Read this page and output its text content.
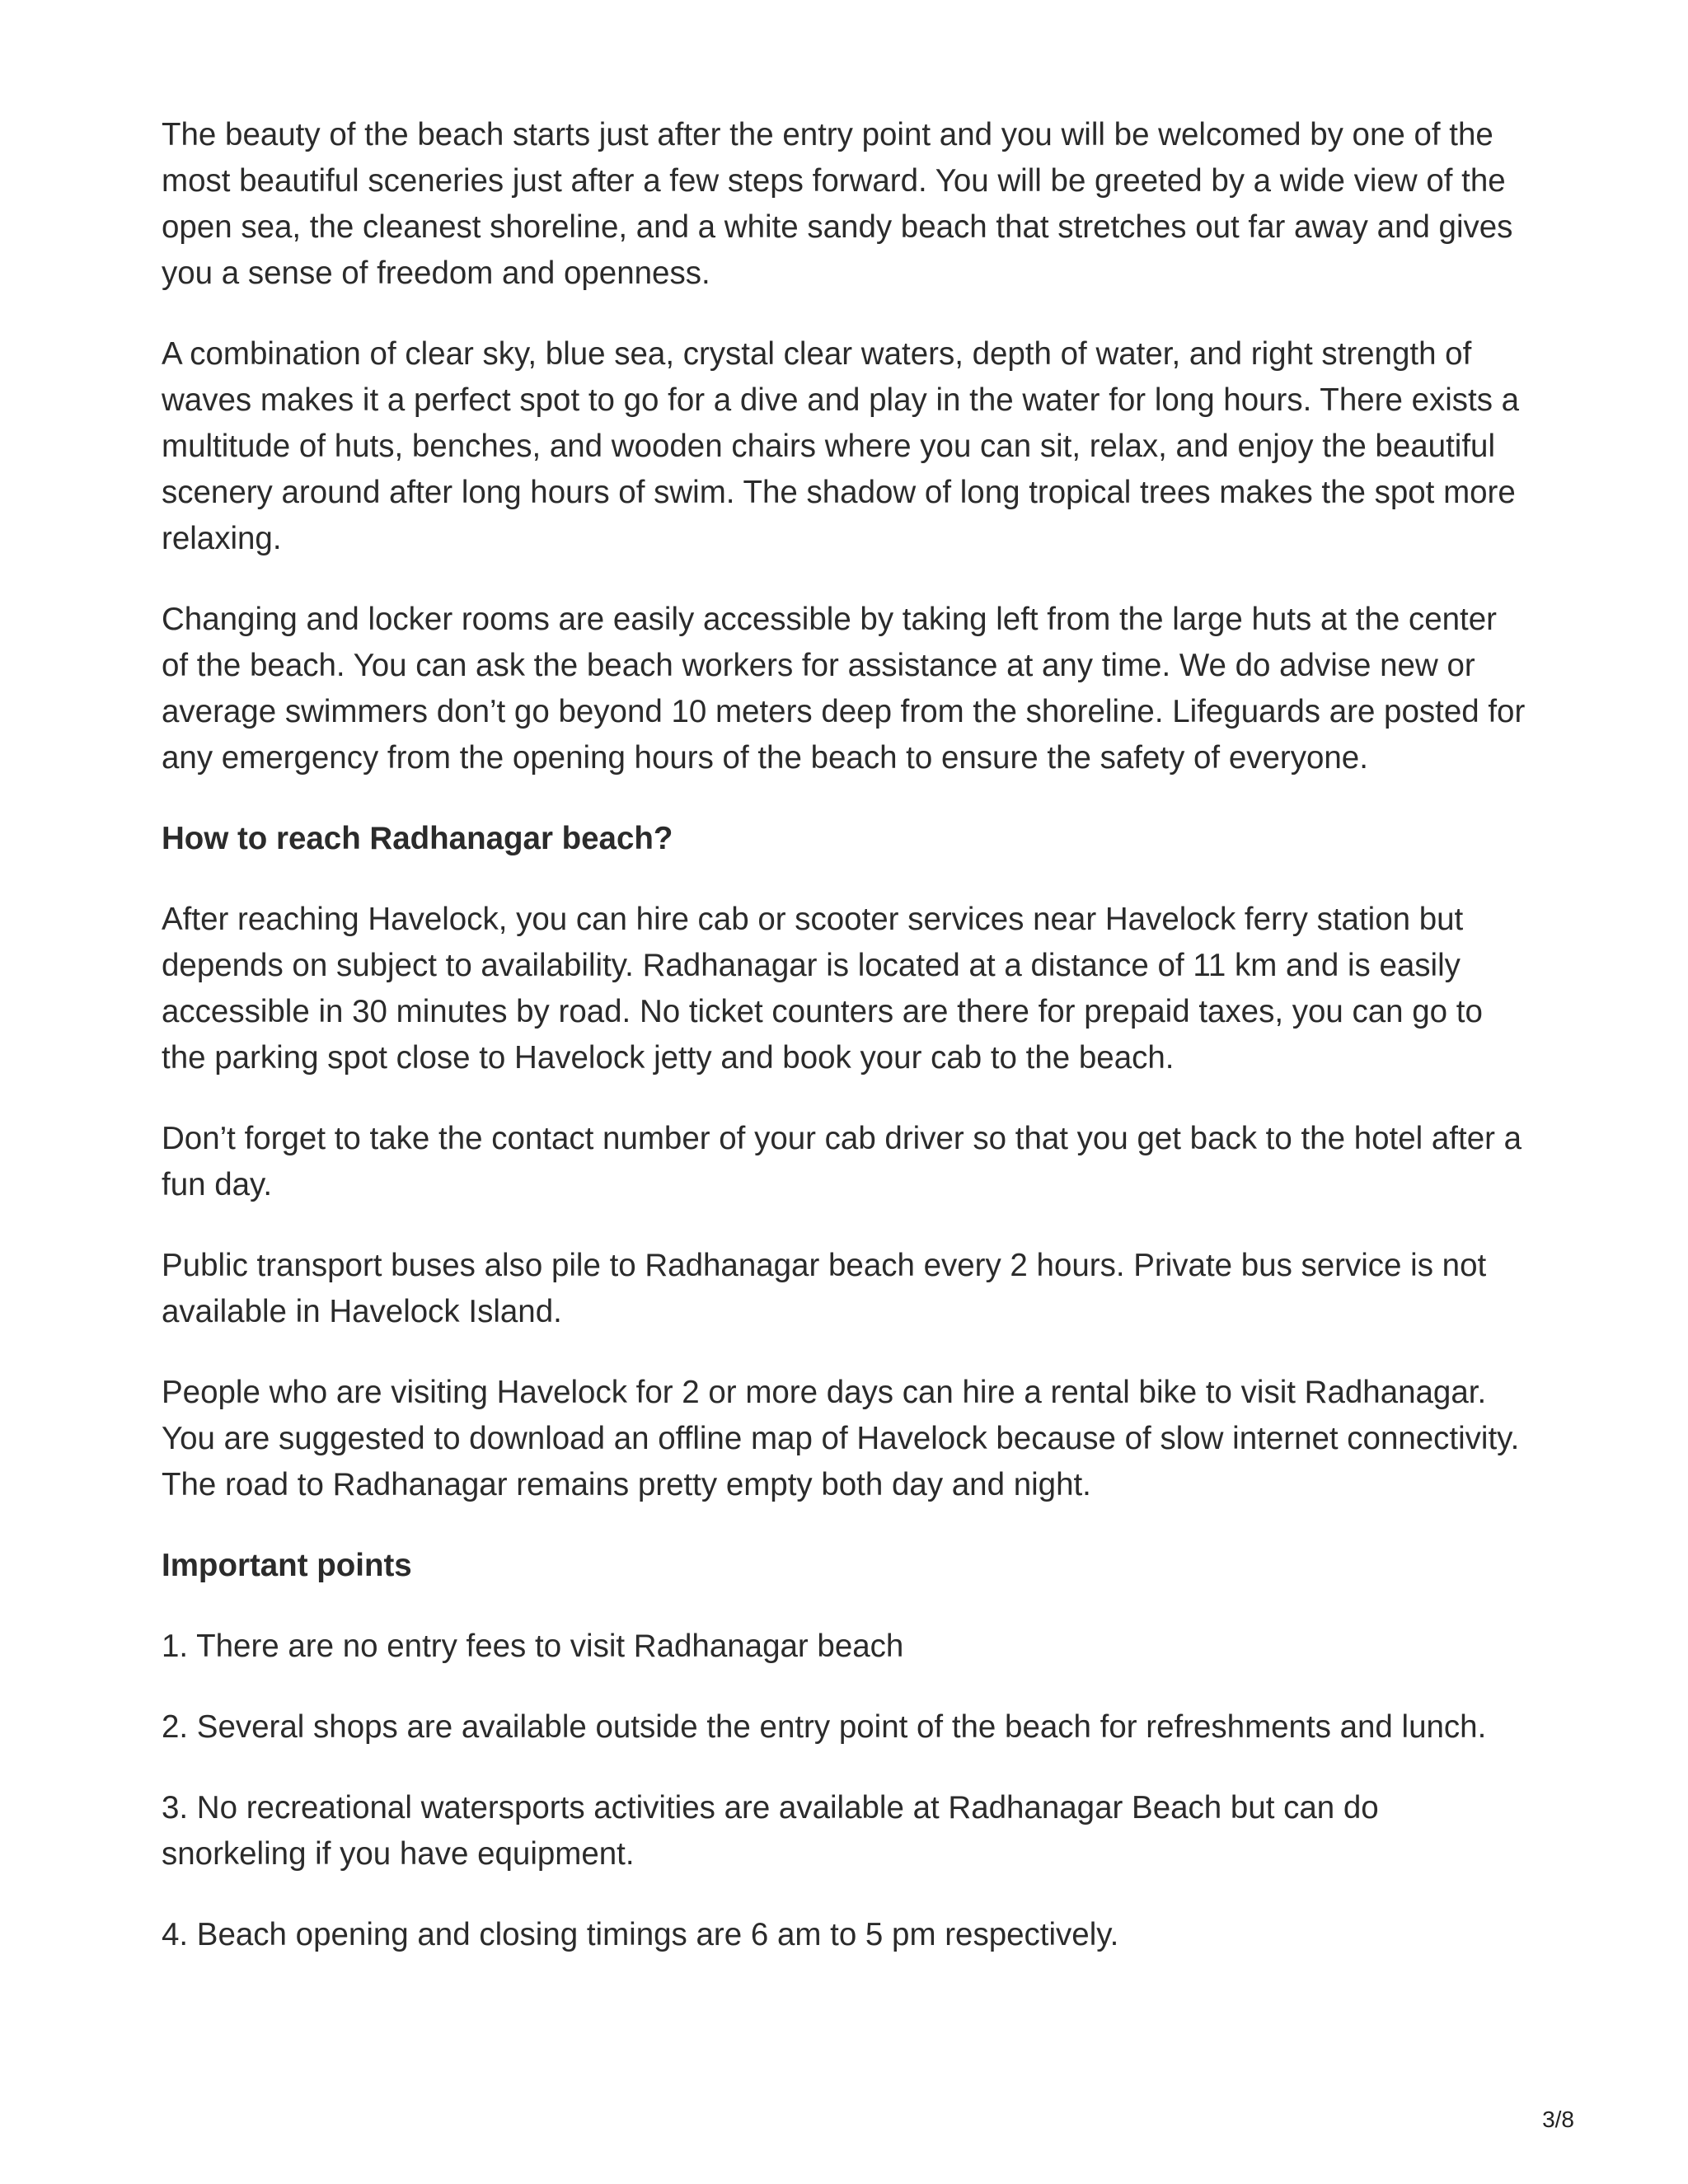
The beauty of the beach starts just after the entry point and you will be welcomed by one of the most beautiful sceneries just after a few steps forward. You will be greeted by a wide view of the open sea, the cleanest shoreline, and a white sandy beach that stretches out far away and gives you a sense of freedom and openness.

A combination of clear sky, blue sea, crystal clear waters, depth of water, and right strength of waves makes it a perfect spot to go for a dive and play in the water for long hours. There exists a multitude of huts, benches, and wooden chairs where you can sit, relax, and enjoy the beautiful scenery around after long hours of swim. The shadow of long tropical trees makes the spot more relaxing.

Changing and locker rooms are easily accessible by taking left from the large huts at the center of the beach. You can ask the beach workers for assistance at any time. We do advise new or average swimmers don’t go beyond 10 meters deep from the shoreline. Lifeguards are posted for any emergency from the opening hours of the beach to ensure the safety of everyone.

How to reach Radhanagar beach?

After reaching Havelock, you can hire cab or scooter services near Havelock ferry station but depends on subject to availability. Radhanagar is located at a distance of 11 km and is easily accessible in 30 minutes by road. No ticket counters are there for prepaid taxes, you can go to the parking spot close to Havelock jetty and book your cab to the beach.

Don’t forget to take the contact number of your cab driver so that you get back to the hotel after a fun day.

Public transport buses also pile to Radhanagar beach every 2 hours. Private bus service is not available in Havelock Island.

People who are visiting Havelock for 2 or more days can hire a rental bike to visit Radhanagar. You are suggested to download an offline map of Havelock because of slow internet connectivity. The road to Radhanagar remains pretty empty both day and night.

Important points

1. There are no entry fees to visit Radhanagar beach

2. Several shops are available outside the entry point of the beach for refreshments and lunch.

3. No recreational watersports activities are available at Radhanagar Beach but can do snorkeling if you have equipment.

4. Beach opening and closing timings are 6 am to 5 pm respectively.

3/8
